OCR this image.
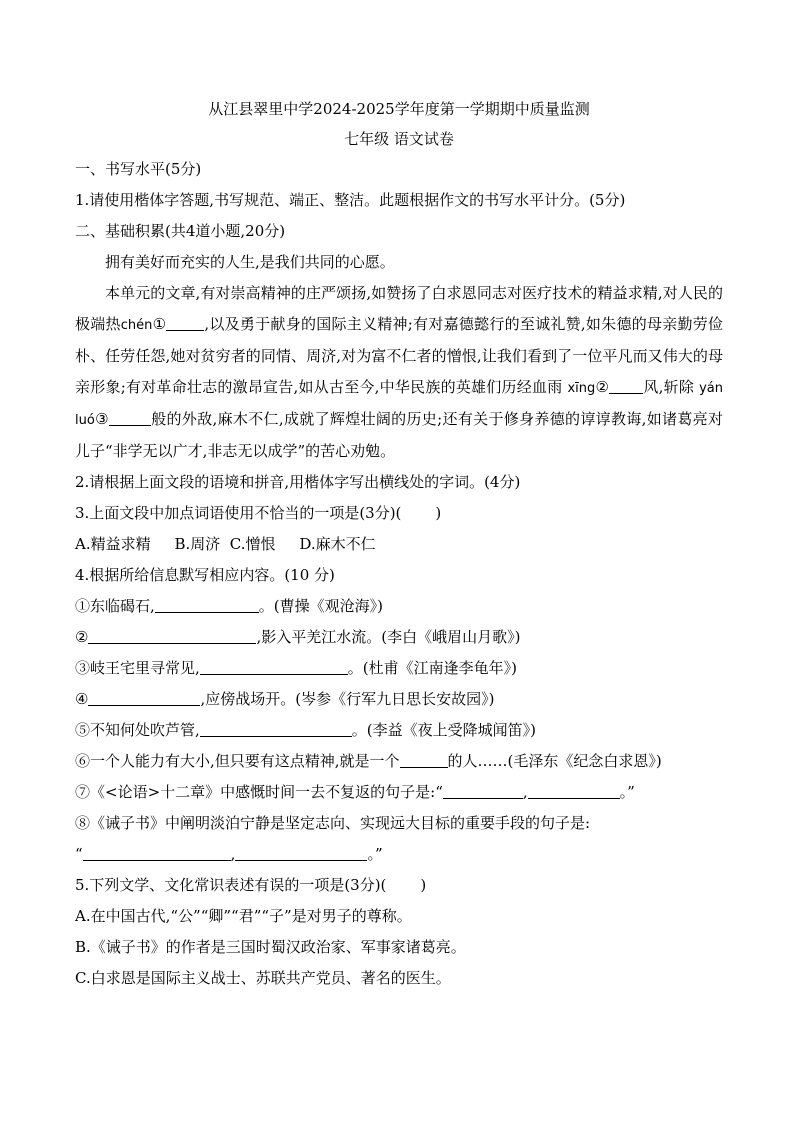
从江县翠里中学2024-2025学年度第一学期期中质量监测
七年级 语文试卷
一、书写水平(5分)
1.请使用楷体字答题,书写规范、端正、整洁。此题根据作文的书写水平计分。(5分)
二、基础积累(共4道小题,20分)
拥有美好而充实的人生,是我们共同的心愿。
本单元的文章,有对崇高精神的庄严颂扬,如赞扬了白求恩同志对医疗技术的精益求精,对人民的极端热chén①	,以及勇于献身的国际主义精神;有对嘉德懿行的至诚礼赞,如朱德的母亲勤劳俭朴、任劳任怨,她对贫穷者的同情、周济,对为富不仁者的憎恨,让我们看到了一位平凡而又伟大的母亲形象;有对革命壮志的激昂宣告,如从古至今,中华民族的英雄们历经血雨 xīng② 风,斩除 yán luó③	般的外敌,麻木不仁,成就了辉煌壮阔的历史;还有关于修身养德的谆谆教诲,如诸葛亮对儿子“非学无以广才,非志无以成学”的苦心劝勉。
2.请根据上面文段的语境和拼音,用楷体字写出横线处的字词。(4分)
3.上面文段中加点词语使用不恰当的一项是(3分)( )
A.精益求精 B.周济 C.憎恨 D.麻木不仁
4.根据所给信息默写相应内容。(10 分)
①东临碣石,	。(曹操《观沧海》)
②	,影入平羌江水流。(李白《峨眉山月歌》)
③岐王宅里寻常见,	。(杜甫《江南逢李龟年》)
④	,应傍战场开。(岑参《行军九日思长安故园》)
⑤不知何处吹芦管,	。(李益《夜上受降城闻笛》)
⑥一个人能力有大小,但只要有这点精神,就是一个	的人……(毛泽东《纪念白求恩》)
⑦《<论语>十二章》中感慨时间一去不复返的句子是:“	,	。”
⑧《诫子书》中阐明淡泊宁静是坚定志向、实现远大目标的重要手段的句子是:
“	,	。”
5.下列文学、文化常识表述有误的一项是(3分)( )
A.在中国古代,“公”“卿”“君”“子”是对男子的尊称。
B.《诫子书》的作者是三国时蜀汉政治家、军事家诸葛亮。
C.白求恩是国际主义战士、苏联共产党员、著名的医生。
